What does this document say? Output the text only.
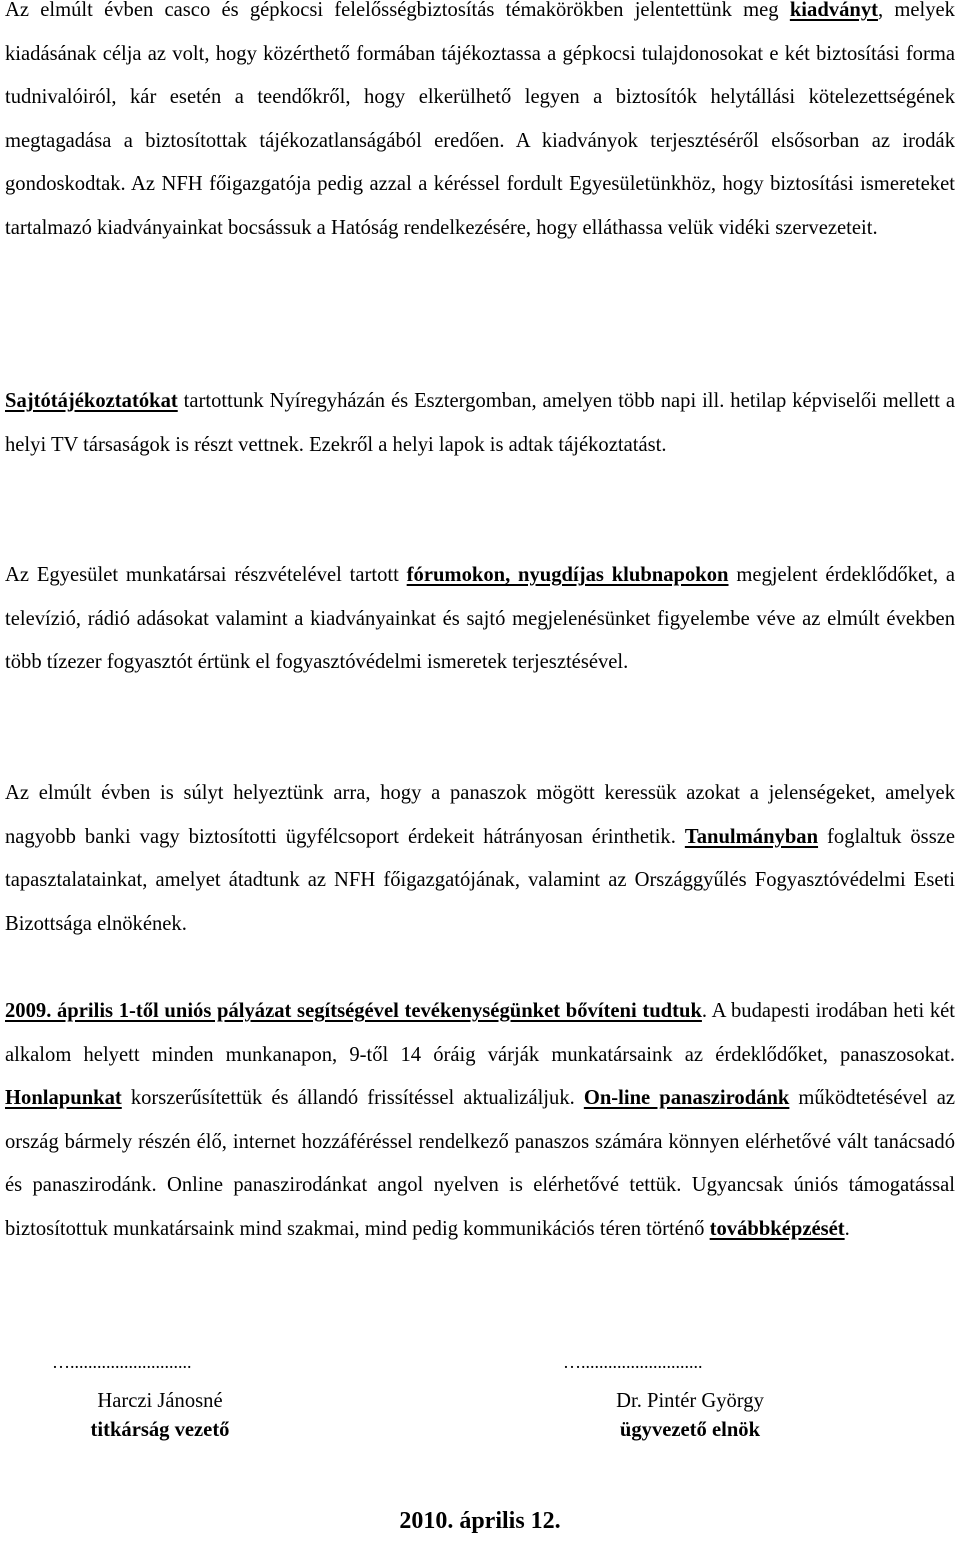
Az elmúlt évben casco és gépkocsi felelősségbiztosítás témakörökben jelentettünk meg kiadványt, melyek kiadásának célja az volt, hogy közérthető formában tájékoztassa a gépkocsi tulajdonosokat e két biztosítási forma tudnivalóiról, kár esetén a teendőkről, hogy elkerülhető legyen a biztosítók helytállási kötelezettségének megtagadása a biztosítottak tájékozatlanságából eredően. A kiadványok terjesztéséről elsősorban az irodák gondoskodtak. Az NFH főigazgatója pedig azzal a kéréssel fordult Egyesületünkhöz, hogy biztosítási ismereteket tartalmazó kiadványainkat bocsássuk a Hatóság rendelkezésére, hogy elláthassa velük vidéki szervezeteit.

Sajtótájékoztatókat tartottunk Nyíregyházán és Esztergomban, amelyen több napi ill. hetilap képviselői mellett a helyi TV társaságok is részt vettnek. Ezekről a helyi lapok is adtak tájékoztatást.

Az Egyesület munkatársai részvételével tartott fórumokon, nyugdíjas klubnapokon megjelent érdeklődőket, a televízió, rádió adásokat valamint a kiadványainkat és sajtó megjelenésünket figyelembe véve az elmúlt években több tízezer fogyasztót értünk el fogyasztóvédelmi ismeretek terjesztésével.

Az elmúlt évben is súlyt helyeztünk arra, hogy a panaszok mögött keressük azokat a jelenségeket, amelyek nagyobb banki vagy biztosítotti ügyfélcsoport érdekeit hátrányosan érinthetik. Tanulmányban foglaltuk össze tapasztalatainkat, amelyet átadtunk az NFH főigazgatójának, valamint az Országgyűlés Fogyasztóvédelmi Eseti Bizottsága elnökének.

2009. április 1-től uniós pályázat segítségével tevékenységünket bővíteni tudtuk. A budapesti irodában heti két alkalom helyett minden munkanapon, 9-től 14 óráig várják munkatársaink az érdeklődőket, panaszosokat. Honlapunkat korszerűsítettük és állandó frissítéssel aktualizáljuk. On-line panaszirodánk működtetésével az ország bármely részén élő, internet hozzáféréssel rendelkező panaszos számára könnyen elérhetővé vált tanácsadó és panaszirodánk. Online panaszirodánkat angol nyelven is elérhetővé tettük. Ugyancsak úniós támogatással biztosítottuk munkatársaink mind szakmai, mind pedig kommunikációs téren történő továbbképzését.

…...........................	…...........................
Harczi Jánosné
titkárság vezető
Dr. Pintér György
ügyvezető elnök
2010. április 12.
